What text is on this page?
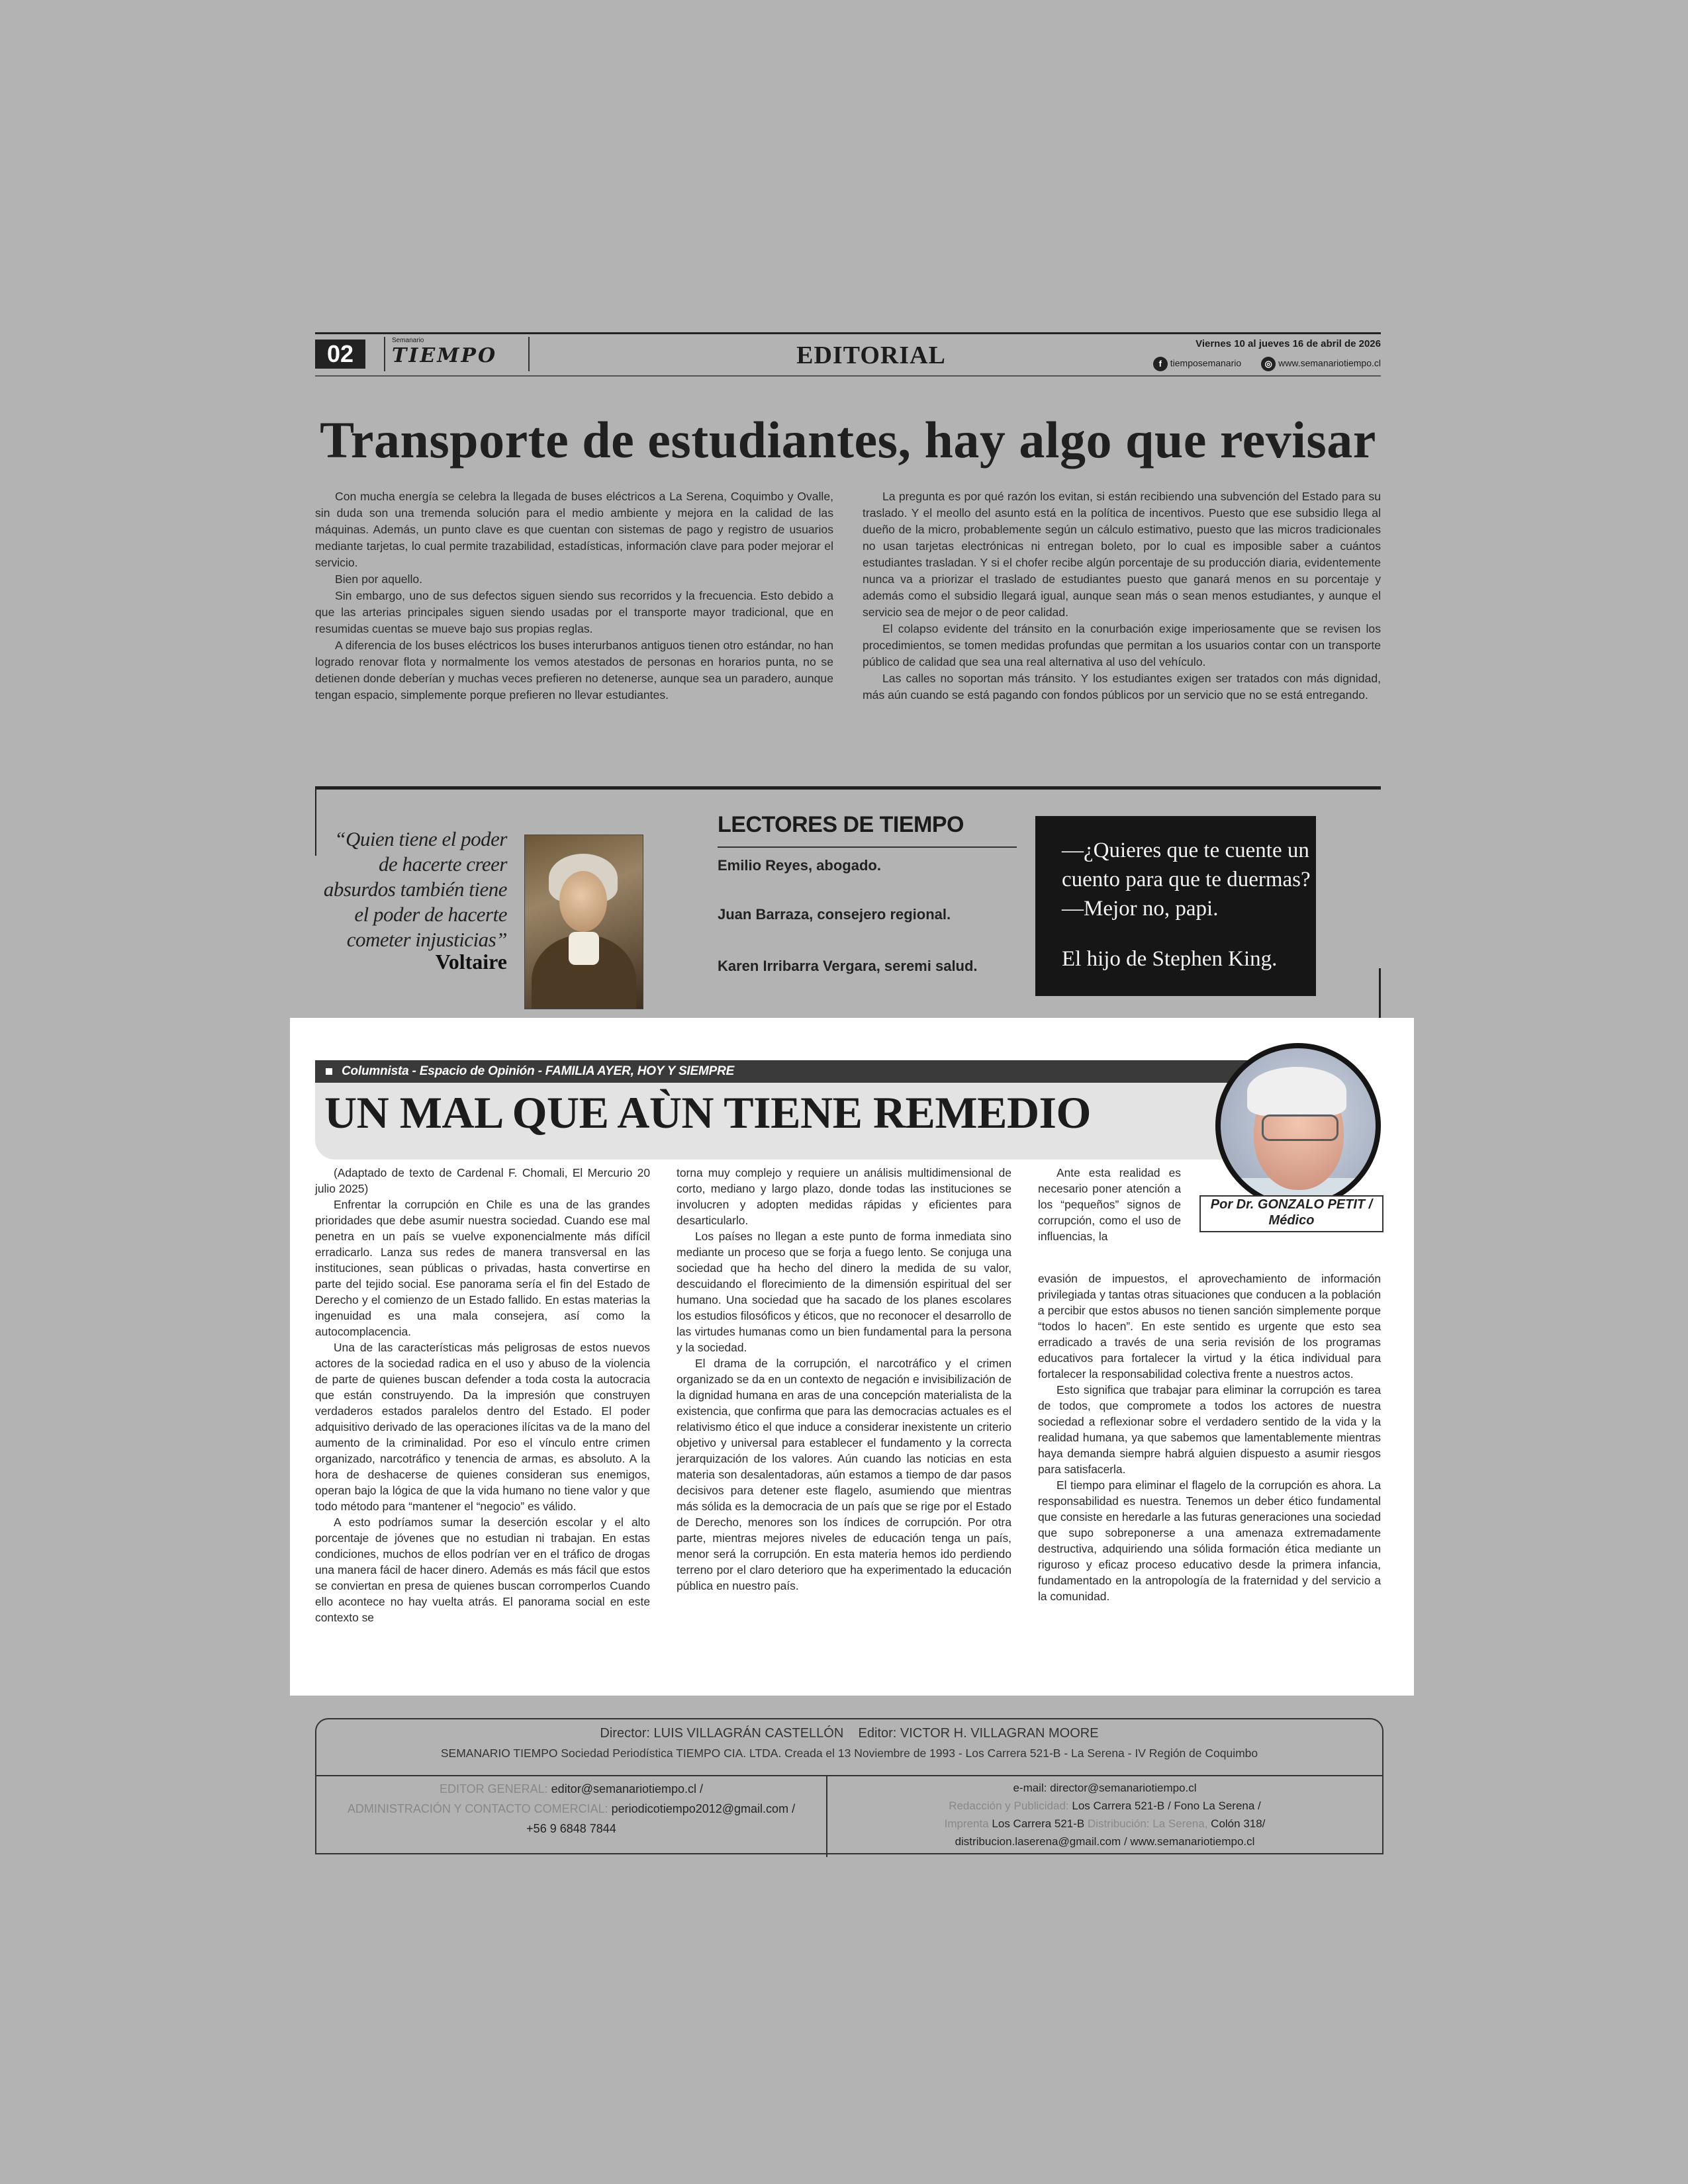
02	Semanario
TIEMPO	EDITORIAL	Viernes 10 al jueves 16 de abril de 2026
f tiemposemanario	◎ www.semanariotiempo.cl
Transporte de estudiantes, hay algo que revisar

Con mucha energía se celebra la llegada de buses eléctricos a La Serena, Coquimbo y Ovalle, sin duda son una tremenda solución para el medio ambiente y mejora en la calidad de las máquinas. Además, un punto clave es que cuentan con sistemas de pago y registro de usuarios mediante tarjetas, lo cual permite trazabilidad, estadísticas, información clave para poder mejorar el servicio.

Bien por aquello.

Sin embargo, uno de sus defectos siguen siendo sus recorridos y la frecuencia. Esto debido a que las arterias principales siguen siendo usadas por el transporte mayor tradicional, que en resumidas cuentas se mueve bajo sus propias reglas.

A diferencia de los buses eléctricos los buses interurbanos antiguos tienen otro estándar, no han logrado renovar flota y normalmente los vemos atestados de personas en horarios punta, no se detienen donde deberían y muchas veces prefieren no detenerse, aunque sea un paradero, aunque tengan espacio, simplemente porque prefieren no llevar estudiantes.

La pregunta es por qué razón los evitan, si están recibiendo una subvención del Estado para su traslado. Y el meollo del asunto está en la política de incentivos. Puesto que ese subsidio llega al dueño de la micro, probablemente según un cálculo estimativo, puesto que las micros tradicionales no usan tarjetas electrónicas ni entregan boleto, por lo cual es imposible saber a cuántos estudiantes trasladan. Y si el chofer recibe algún porcentaje de su producción diaria, evidentemente nunca va a priorizar el traslado de estudiantes puesto que ganará menos en su porcentaje y además como el subsidio llegará igual, aunque sean más o sean menos estudiantes, y aunque el servicio sea de mejor o de peor calidad.

El colapso evidente del tránsito en la conurbación exige imperiosamente que se revisen los procedimientos, se tomen medidas profundas que permitan a los usuarios contar con un transporte público de calidad que sea una real alternativa al uso del vehículo.

Las calles no soportan más tránsito. Y los estudiantes exigen ser tratados con más dignidad, más aún cuando se está pagando con fondos públicos por un servicio que no se está entregando.

“Quien tiene el poder de hacerte creer absurdos también tiene el poder de hacerte cometer injusticias”
Voltaire
LECTORES DE TIEMPO
Emilio Reyes, abogado.
Juan Barraza, consejero regional.
Karen Irribarra Vergara, seremi salud.
—¿Quieres que te cuente un cuento para que te duermas?
—Mejor no, papi.
El hijo de Stephen King.
Columnista - Espacio de Opinión - FAMILIA AYER, HOY Y SIEMPRE
UN MAL QUE AÙN TIENE REMEDIO
Por Dr. GONZALO PETIT / Médico

(Adaptado de texto de Cardenal F. Chomali, El Mercurio 20 julio 2025)

Enfrentar la corrupción en Chile es una de las grandes prioridades que debe asumir nuestra sociedad. Cuando ese mal penetra en un país se vuelve exponencialmente más difícil erradicarlo. Lanza sus redes de manera transversal en las instituciones, sean públicas o privadas, hasta convertirse en parte del tejido social. Ese panorama sería el fin del Estado de Derecho y el comienzo de un Estado fallido. En estas materias la ingenuidad es una mala consejera, así como la autocomplacencia.

Una de las características más peligrosas de estos nuevos actores de la sociedad radica en el uso y abuso de la violencia de parte de quienes buscan defender a toda costa la autocracia que están construyendo. Da la impresión que construyen verdaderos estados paralelos dentro del Estado. El poder adquisitivo derivado de las operaciones ilícitas va de la mano del aumento de la criminalidad. Por eso el vínculo entre crimen organizado, narcotráfico y tenencia de armas, es absoluto. A la hora de deshacerse de quienes consideran sus enemigos, operan bajo la lógica de que la vida humano no tiene valor y que todo método para “mantener el “negocio” es válido.

A esto podríamos sumar la deserción escolar y el alto porcentaje de jóvenes que no estudian ni trabajan. En estas condiciones, muchos de ellos podrían ver en el tráfico de drogas una manera fácil de hacer dinero. Además es más fácil que estos se conviertan en presa de quienes buscan corromperlos Cuando ello acontece no hay vuelta atrás. El panorama social en este contexto se

torna muy complejo y requiere un análisis multidimensional de corto, mediano y largo plazo, donde todas las instituciones se involucren y adopten medidas rápidas y eficientes para desarticularlo.

Los países no llegan a este punto de forma inmediata sino mediante un proceso que se forja a fuego lento. Se conjuga una sociedad que ha hecho del dinero la medida de su valor, descuidando el florecimiento de la dimensión espiritual del ser humano. Una sociedad que ha sacado de los planes escolares los estudios filosóficos y éticos, que no reconocer el desarrollo de las virtudes humanas como un bien fundamental para la persona y la sociedad.

El drama de la corrupción, el narcotráfico y el crimen organizado se da en un contexto de negación e invisibilización de la dignidad humana en aras de una concepción materialista de la existencia, que confirma que para las democracias actuales es el relativismo ético el que induce a considerar inexistente un criterio objetivo y universal para establecer el fundamento y la correcta jerarquización de los valores. Aún cuando las noticias en esta materia son desalentadoras, aún estamos a tiempo de dar pasos decisivos para detener este flagelo, asumiendo que mientras más sólida es la democracia de un país que se rige por el Estado de Derecho, menores son los índices de corrupción. Por otra parte, mientras mejores niveles de educación tenga un país, menor será la corrupción. En esta materia hemos ido perdiendo terreno por el claro deterioro que ha experimentado la educación pública en nuestro país.

Ante esta realidad es necesario poner atención a los “pequeños” signos de corrupción, como el uso de influencias, la

evasión de impuestos, el aprovechamiento de información privilegiada y tantas otras situaciones que conducen a la población a percibir que estos abusos no tienen sanción simplemente porque “todos lo hacen”. En este sentido es urgente que esto sea erradicado a través de una seria revisión de los programas educativos para fortalecer la virtud y la ética individual para fortalecer la responsabilidad colectiva frente a nuestros actos.

Esto significa que trabajar para eliminar la corrupción es tarea de todos, que compromete a todos los actores de nuestra sociedad a reflexionar sobre el verdadero sentido de la vida y la realidad humana, ya que sabemos que lamentablemente mientras haya demanda siempre habrá alguien dispuesto a asumir riesgos para satisfacerla.

El tiempo para eliminar el flagelo de la corrupción es ahora. La responsabilidad es nuestra. Tenemos un deber ético fundamental que consiste en heredarle a las futuras generaciones una sociedad que supo sobreponerse a una amenaza extremadamente destructiva, adquiriendo una sólida formación ética mediante un riguroso y eficaz proceso educativo desde la primera infancia, fundamentado en la antropología de la fraternidad y del servicio a la comunidad.

Director: LUIS VILLAGRÁN CASTELLÓN Editor: VICTOR H. VILLAGRAN MOORE
SEMANARIO TIEMPO Sociedad Periodística TIEMPO CIA. LTDA. Creada el 13 Noviembre de 1993 - Los Carrera 521-B - La Serena - IV Región de Coquimbo
EDITOR GENERAL: editor@semanariotiempo.cl /
ADMINISTRACIÓN Y CONTACTO COMERCIAL: periodicotiempo2012@gmail.com /
+56 9 6848 7844
e-mail: director@semanariotiempo.cl
Redacción y Publicidad: Los Carrera 521-B / Fono La Serena /
Imprenta Los Carrera 521-B Distribución: La Serena, Colón 318/
distribucion.laserena@gmail.com / www.semanariotiempo.cl
